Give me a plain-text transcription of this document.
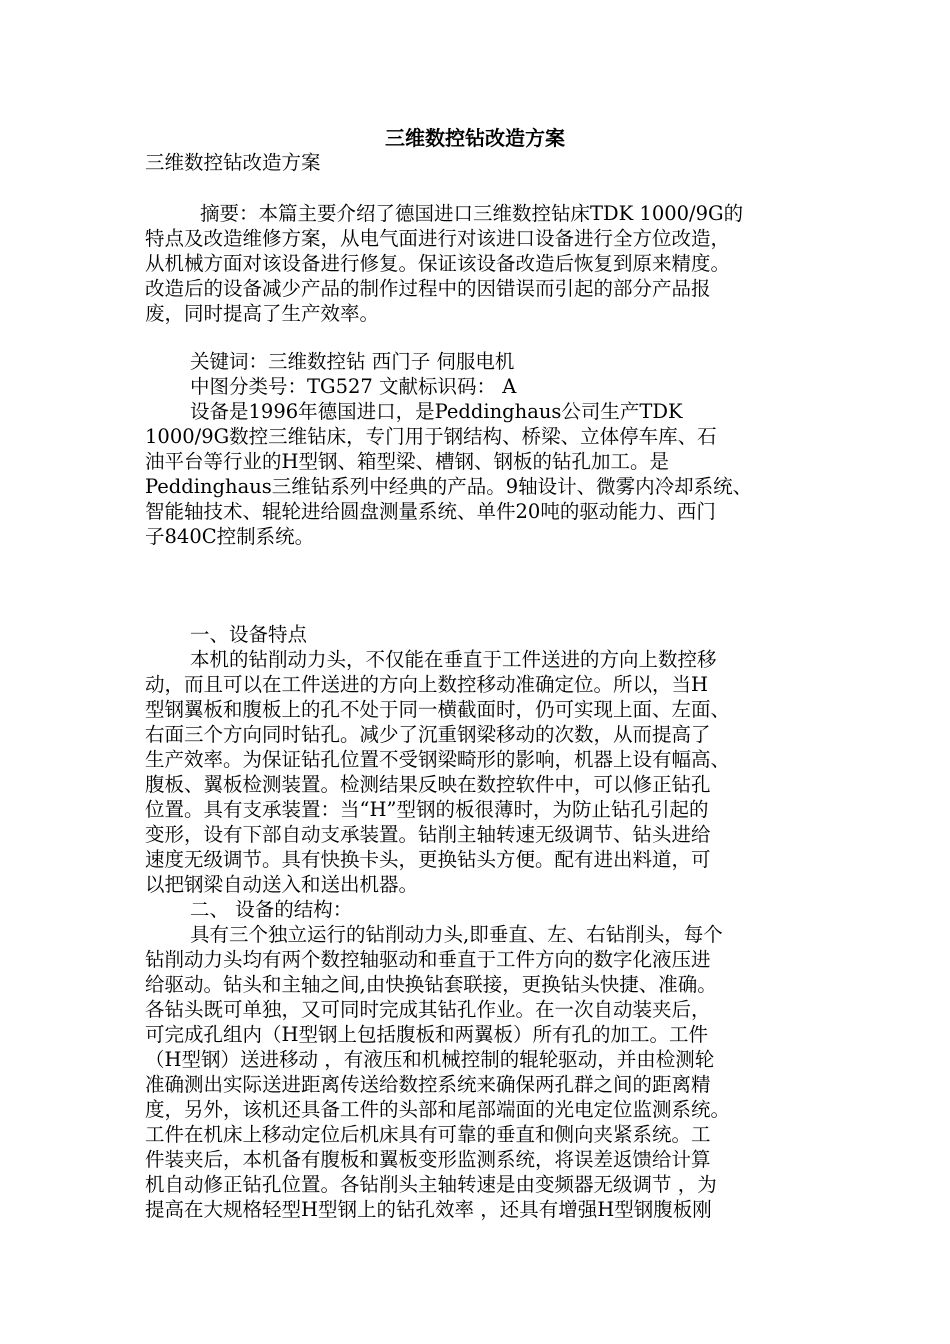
三维数控钻改造方案
三维数控钻改造方案
摘要：本篇主要介绍了德国进口三维数控钻床TDK 1000/9G的
特点及改造维修方案，从电气面进行对该进口设备进行全方位改造，
从机械方面对该设备进行修复。保证该设备改造后恢复到原来精度。
改造后的设备减少产品的制作过程中的因错误而引起的部分产品报
废，同时提高了生产效率。
关键词：三维数控钻 西门子 伺服电机
中图分类号：TG527 文献标识码： A
设备是1996年德国进口，是Peddinghaus公司生产TDK
1000/9G数控三维钻床，专门用于钢结构、桥梁、立体停车库、石
油平台等行业的H型钢、箱型梁、槽钢、钢板的钻孔加工。是
Peddinghaus三维钻系列中经典的产品。9轴设计、微雾内冷却系统、
智能轴技术、辊轮进给圆盘测量系统、单件20吨的驱动能力、西门
子840C控制系统。
一、设备特点
本机的钻削动力头，不仅能在垂直于工件送进的方向上数控移
动，而且可以在工件送进的方向上数控移动准确定位。所以，当H
型钢翼板和腹板上的孔不处于同一横截面时，仍可实现上面、左面、
右面三个方向同时钻孔。减少了沉重钢梁移动的次数，从而提高了
生产效率。为保证钻孔位置不受钢梁畸形的影响，机器上设有幅高、
腹板、翼板检测装置。检测结果反映在数控软件中，可以修正钻孔
位置。具有支承装置：当“H”型钢的板很薄时，为防止钻孔引起的
变形，设有下部自动支承装置。钻削主轴转速无级调节、钻头进给
速度无级调节。具有快换卡头，更换钻头方便。配有进出料道，可
以把钢梁自动送入和送出机器。
二、 设备的结构：
具有三个独立运行的钻削动力头,即垂直、左、右钻削头，每个
钻削动力头均有两个数控轴驱动和垂直于工件方向的数字化液压进
给驱动。钻头和主轴之间,由快换钻套联接，更换钻头快捷、准确。
各钻头既可单独，又可同时完成其钻孔作业。在一次自动装夹后，
可完成孔组内（H型钢上包括腹板和两翼板）所有孔的加工。工件
（H型钢）送进移动 ，有液压和机械控制的辊轮驱动，并由检测轮
准确测出实际送进距离传送给数控系统来确保两孔群之间的距离精
度，另外，该机还具备工件的头部和尾部端面的光电定位监测系统。
工件在机床上移动定位后机床具有可靠的垂直和侧向夹紧系统。工
件装夹后，本机备有腹板和翼板变形监测系统，将误差返馈给计算
机自动修正钻孔位置。各钻削头主轴转速是由变频器无级调节 ，为
提高在大规格轻型H型钢上的钻孔效率 ，还具有增强H型钢腹板刚
